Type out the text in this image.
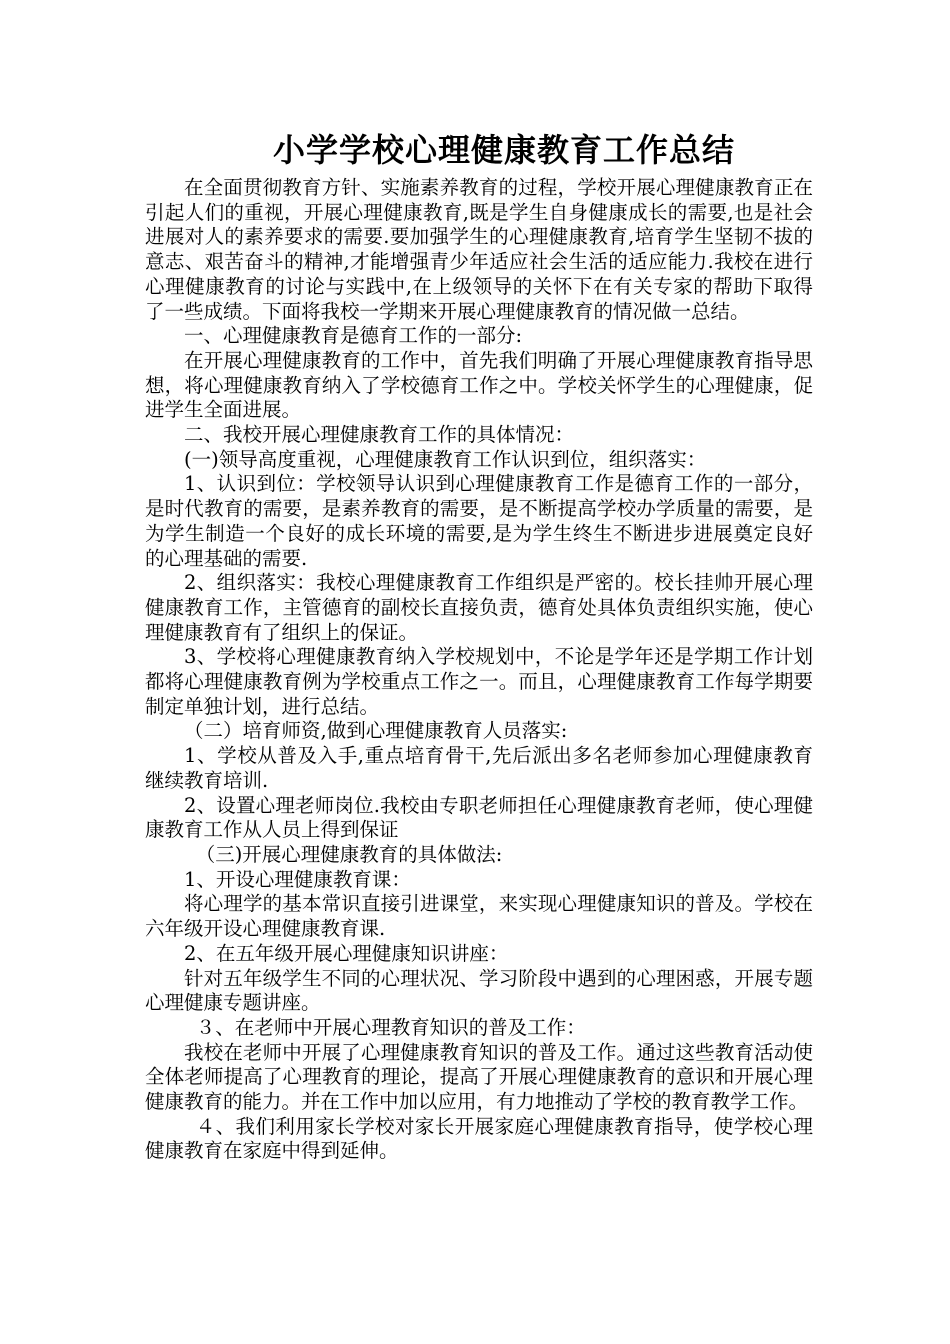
小学学校心理健康教育工作总结

在全面贯彻教育方针、实施素养教育的过程，学校开展心理健康教育正在引起人们的重视，开展心理健康教育,既是学生自身健康成长的需要,也是社会进展对人的素养要求的需要.要加强学生的心理健康教育,培育学生坚韧不拔的意志、艰苦奋斗的精神,才能增强青少年适应社会生活的适应能力.我校在进行心理健康教育的讨论与实践中,在上级领导的关怀下在有关专家的帮助下取得了一些成绩。下面将我校一学期来开展心理健康教育的情况做一总结。

一、心理健康教育是德育工作的一部分:

在开展心理健康教育的工作中，首先我们明确了开展心理健康教育指导思想，将心理健康教育纳入了学校德育工作之中。学校关怀学生的心理健康，促进学生全面进展。

二、我校开展心理健康教育工作的具体情况：

(一)领导高度重视，心理健康教育工作认识到位，组织落实：

1、认识到位：学校领导认识到心理健康教育工作是德育工作的一部分，是时代教育的需要，是素养教育的需要，是不断提高学校办学质量的需要，是为学生制造一个良好的成长环境的需要,是为学生终生不断进步进展奠定良好的心理基础的需要.

2、组织落实：我校心理健康教育工作组织是严密的。校长挂帅开展心理健康教育工作，主管德育的副校长直接负责，德育处具体负责组织实施，使心理健康教育有了组织上的保证。

3、学校将心理健康教育纳入学校规划中，不论是学年还是学期工作计划都将心理健康教育例为学校重点工作之一。而且，心理健康教育工作每学期要制定单独计划，进行总结。

（二）培育师资,做到心理健康教育人员落实:

1、学校从普及入手,重点培育骨干,先后派出多名老师参加心理健康教育继续教育培训.

2、设置心理老师岗位.我校由专职老师担任心理健康教育老师，使心理健康教育工作从人员上得到保证

（三)开展心理健康教育的具体做法:

1、开设心理健康教育课：

将心理学的基本常识直接引进课堂，来实现心理健康知识的普及。学校在六年级开设心理健康教育课.

2、在五年级开展心理健康知识讲座：

针对五年级学生不同的心理状况、学习阶段中遇到的心理困惑，开展专题心理健康专题讲座。

３、在老师中开展心理教育知识的普及工作：

我校在老师中开展了心理健康教育知识的普及工作。通过这些教育活动使全体老师提高了心理教育的理论，提高了开展心理健康教育的意识和开展心理健康教育的能力。并在工作中加以应用，有力地推动了学校的教育教学工作。

４、我们利用家长学校对家长开展家庭心理健康教育指导，使学校心理健康教育在家庭中得到延伸。
